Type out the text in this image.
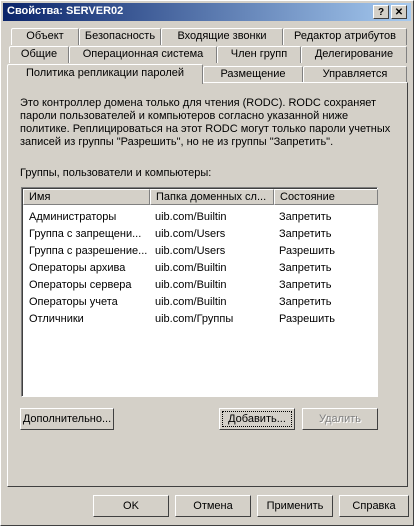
Свойства: SERVER02	?	✕
Объект	Безопасность	Входящие звонки	Редактор атрибутов
Общие	Операционная система	Член групп	Делегирование
Политика репликации паролей	Размещение	Управляется
Это контроллер домена только для чтения (RODC). RODC сохраняет пароли пользователей и компьютеров согласно указанной ниже политике. Реплицироваться на этот RODC могут только пароли учетных записей из группы "Разрешить", но не из группы "Запретить".
Группы, пользователи и компьютеры:
Имя	Папка доменных сл...	Состояние
Администраторы	uib.com/Builtin	Запретить
Группа с запрещени...	uib.com/Users	Запретить
Группа с разрешение... uib.com/Users	Разрешить
Операторы архива	uib.com/Builtin	Запретить
Операторы сервера	uib.com/Builtin	Запретить
Операторы учета	uib.com/Builtin	Запретить
Отличники	uib.com/Группы	Разрешить
Дополнительно...	Добавить...	Удалить
OK	Отмена	Применить	Справка
